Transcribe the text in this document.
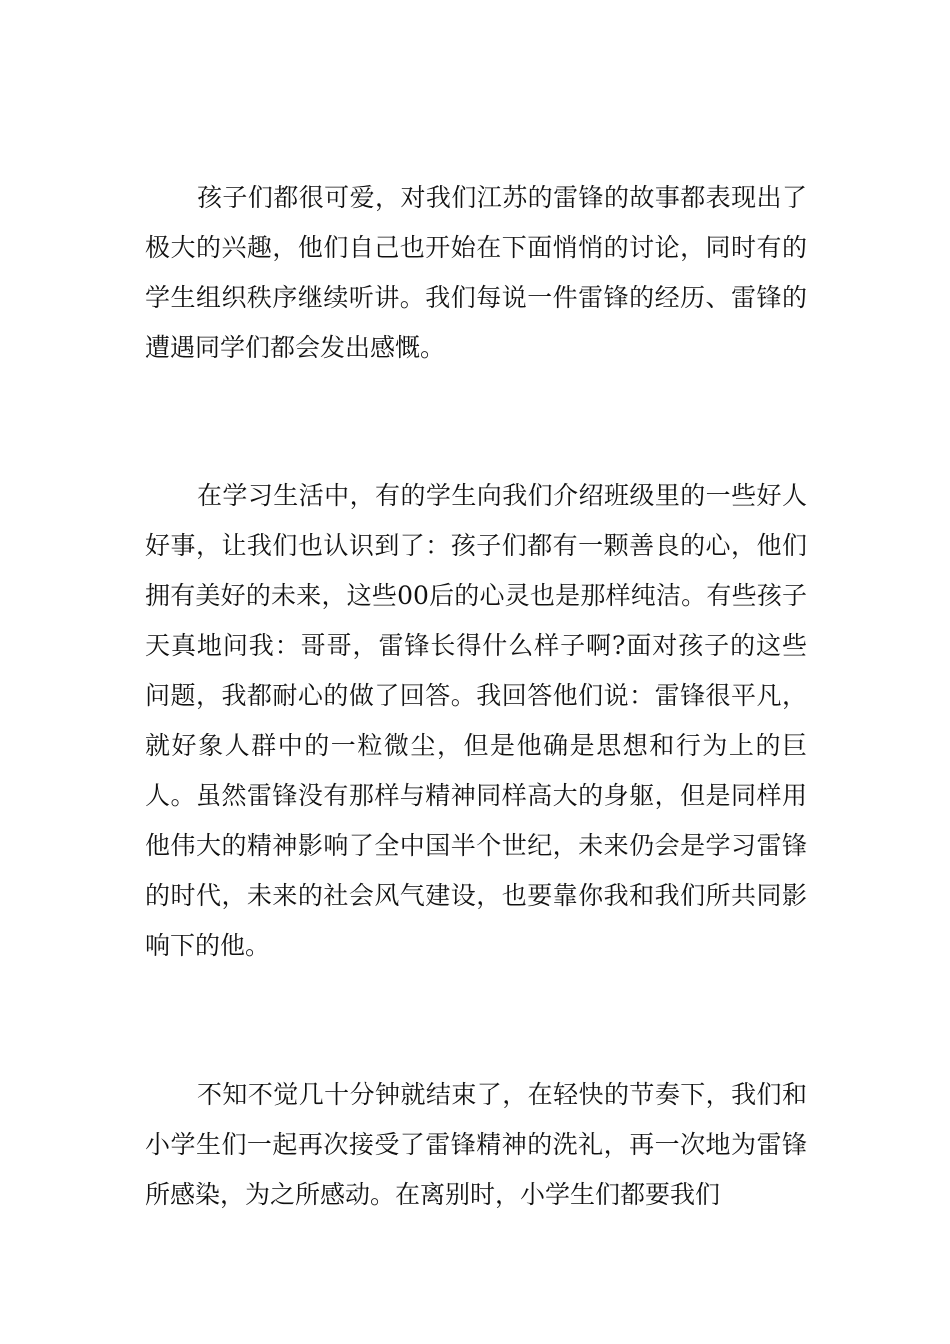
孩子们都很可爱，对我们江苏的雷锋的故事都表现出了极大的兴趣，他们自己也开始在下面悄悄的讨论，同时有的学生组织秩序继续听讲。我们每说一件雷锋的经历、雷锋的遭遇同学们都会发出感慨。

在学习生活中，有的学生向我们介绍班级里的一些好人好事，让我们也认识到了：孩子们都有一颗善良的心，他们拥有美好的未来，这些00后的心灵也是那样纯洁。有些孩子天真地问我：哥哥，雷锋长得什么样子啊?面对孩子的这些问题，我都耐心的做了回答。我回答他们说：雷锋很平凡，就好象人群中的一粒微尘，但是他确是思想和行为上的巨人。虽然雷锋没有那样与精神同样高大的身躯，但是同样用他伟大的精神影响了全中国半个世纪，未来仍会是学习雷锋的时代，未来的社会风气建设，也要靠你我和我们所共同影响下的他。

不知不觉几十分钟就结束了，在轻快的节奏下，我们和小学生们一起再次接受了雷锋精神的洗礼，再一次地为雷锋所感染，为之所感动。在离别时，小学生们都要我们
